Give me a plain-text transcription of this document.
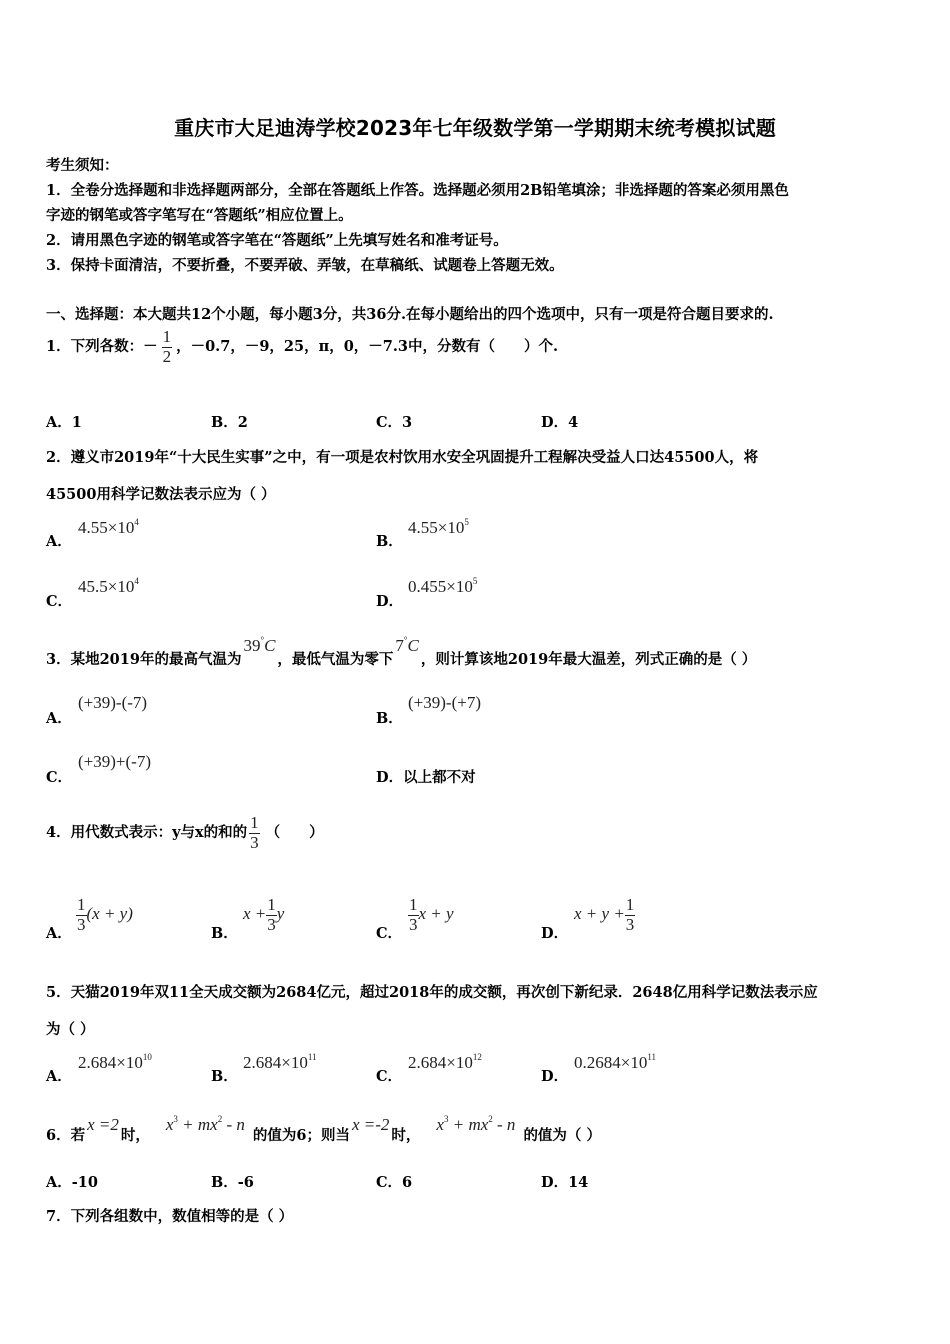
重庆市大足迪涛学校2023年七年级数学第一学期期末统考模拟试题
考生须知：
1．全卷分选择题和非选择题两部分，全部在答题纸上作答。选择题必须用2B铅笔填涂；非选择题的答案必须用黑色
字迹的钢笔或答字笔写在“答题纸”相应位置上。
2．请用黑色字迹的钢笔或答字笔在“答题纸”上先填写姓名和准考证号。
3．保持卡面清洁，不要折叠，不要弄破、弄皱，在草稿纸、试题卷上答题无效。
一、选择题：本大题共12个小题，每小题3分，共36分.在每小题给出的四个选项中，只有一项是符合题目要求的.
1．下列各数：－ $\frac{1}{2}$ ，－0.7，－9，25，π，0，－7.3中，分数有（　　）个.
A．1	B．2	C．3	D．4
2．遵义市2019年“十大民生实事”之中，有一项是农村饮用水安全巩固提升工程解决受益人口达45500人，将
45500用科学记数法表示应为（ ）
A．
$4.55\times 10^4$
B．
$4.55\times 10^5$
C．
$45.5\times 10^4$
D．
$0.455\times 10^5$
3．某地2019年的最高气温为39°C，最低气温为零下7°C，则计算该地2019年最大温差，列式正确的是（ ）
A．
(+39)-(-7)
B．
(+39)-(+7)
C．
(+39)+(-7)
D．以上都不对
4．用代数式表示：y与x的和的 $\frac{1}{3}$ （　　）
A． $\frac{1}{3} (x + y)$
B．
$x + \frac{1}{3}$ y
C． $\frac{1}{3}$ x + y
D．
$x + y + \frac{1}{3}$
5．天猫2019年双11全天成交额为2684亿元，超过2018年的成交额，再次创下新纪录．2648亿用科学记数法表示应
为（ ）
A．
$2.684\times 10^{10}$
B．
$2.684\times 10^{11}$
C．
$2.684\times 10^{12}$
D．
$0.2684\times 10^{11}$
6．若x =2时，$x^3 + mx^2 - n$的值为6；则当x =-2时，$x^3 + mx^2 - n$的值为（ ）
A．-10	B．-6	C．6	D．14
7．下列各组数中，数值相等的是（ ）
